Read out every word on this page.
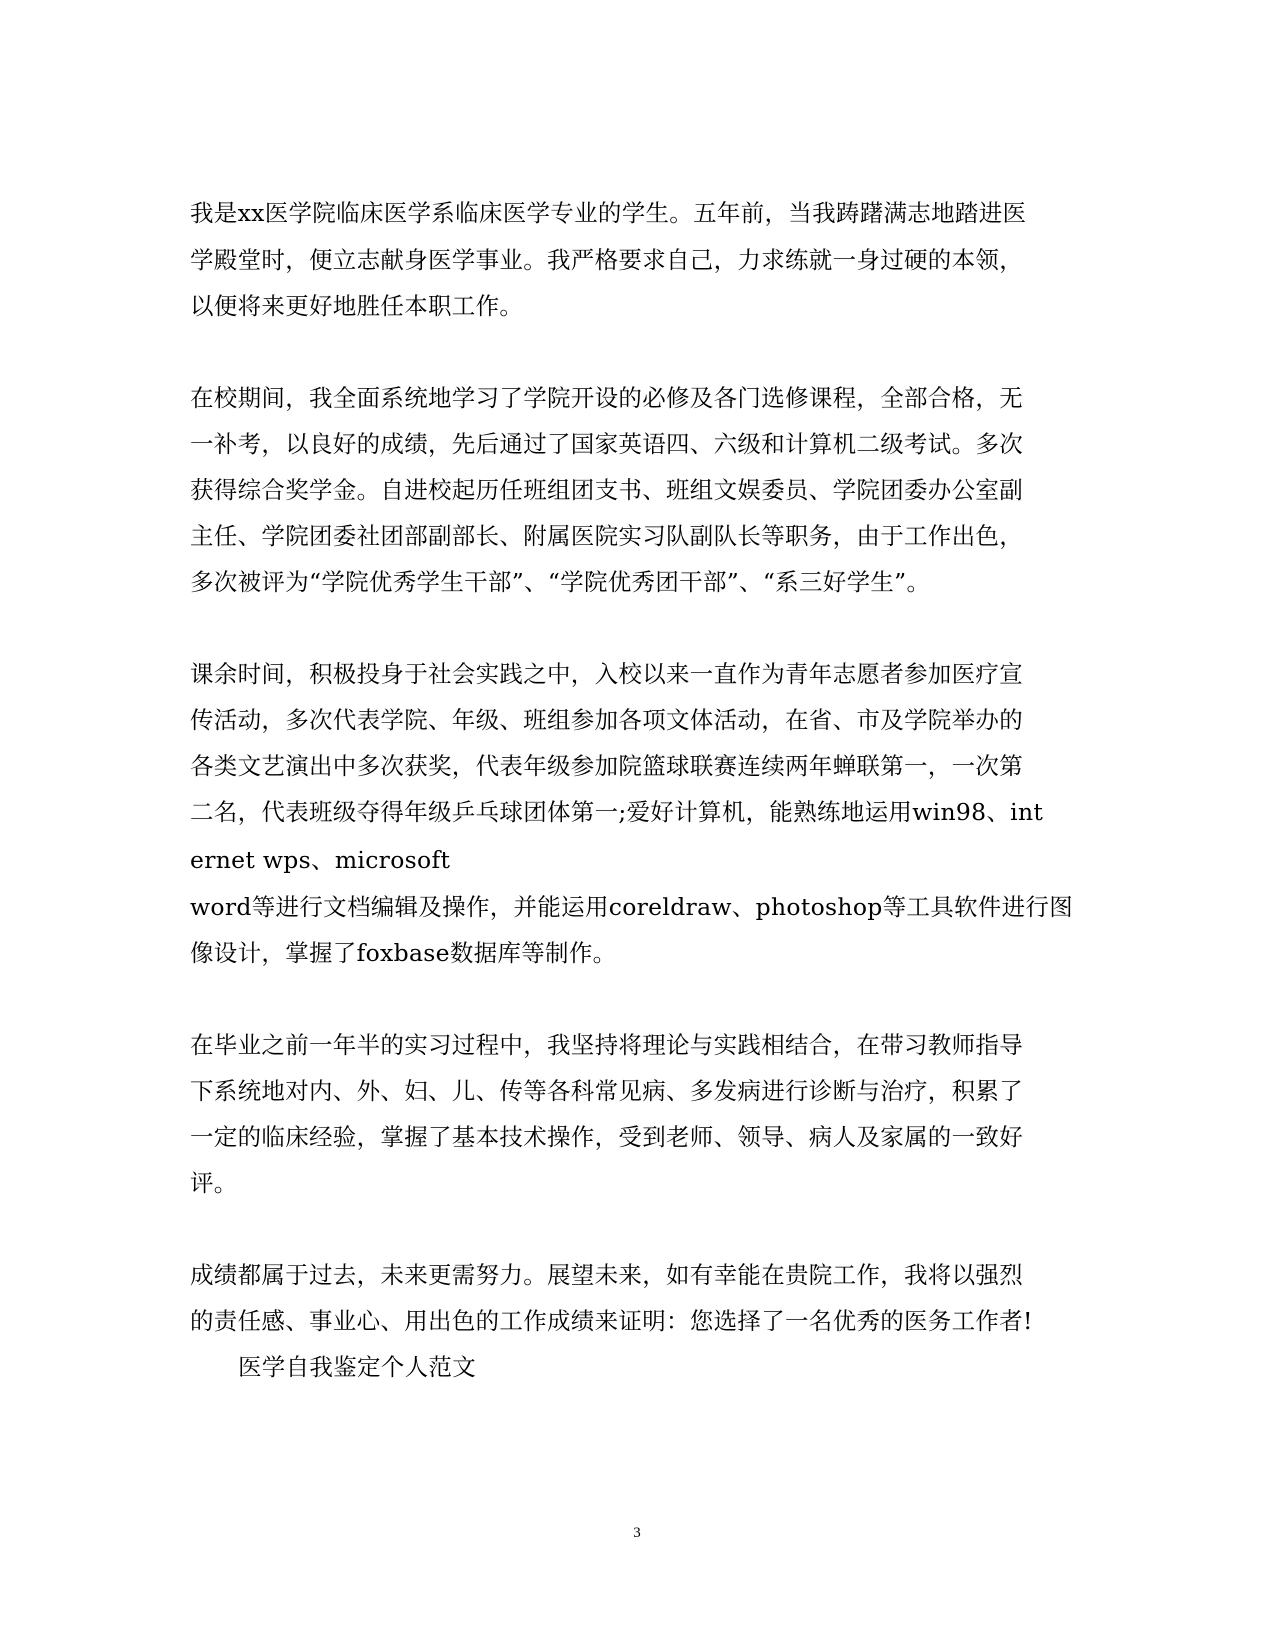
我是xx医学院临床医学系临床医学专业的学生。五年前，当我踌躇满志地踏进医
学殿堂时，便立志献身医学事业。我严格要求自己，力求练就一身过硬的本领，
以便将来更好地胜任本职工作。
在校期间，我全面系统地学习了学院开设的必修及各门选修课程，全部合格，无
一补考，以良好的成绩，先后通过了国家英语四、六级和计算机二级考试。多次
获得综合奖学金。自进校起历任班组团支书、班组文娱委员、学院团委办公室副
主任、学院团委社团部副部长、附属医院实习队副队长等职务，由于工作出色，
多次被评为“学院优秀学生干部”、“学院优秀团干部”、“系三好学生”。
课余时间，积极投身于社会实践之中，入校以来一直作为青年志愿者参加医疗宣
传活动，多次代表学院、年级、班组参加各项文体活动，在省、市及学院举办的
各类文艺演出中多次获奖，代表年级参加院篮球联赛连续两年蝉联第一，一次第
二名，代表班级夺得年级乒乓球团体第一;爱好计算机，能熟练地运用win98、int
ernet wps、microsoft
word等进行文档编辑及操作，并能运用coreldraw、photoshop等工具软件进行图
像设计，掌握了foxbase数据库等制作。
在毕业之前一年半的实习过程中，我坚持将理论与实践相结合，在带习教师指导
下系统地对内、外、妇、儿、传等各科常见病、多发病进行诊断与治疗，积累了
一定的临床经验，掌握了基本技术操作，受到老师、领导、病人及家属的一致好
评。
成绩都属于过去，未来更需努力。展望未来，如有幸能在贵院工作，我将以强烈
的责任感、事业心、用出色的工作成绩来证明：您选择了一名优秀的医务工作者!
医学自我鉴定个人范文
3
